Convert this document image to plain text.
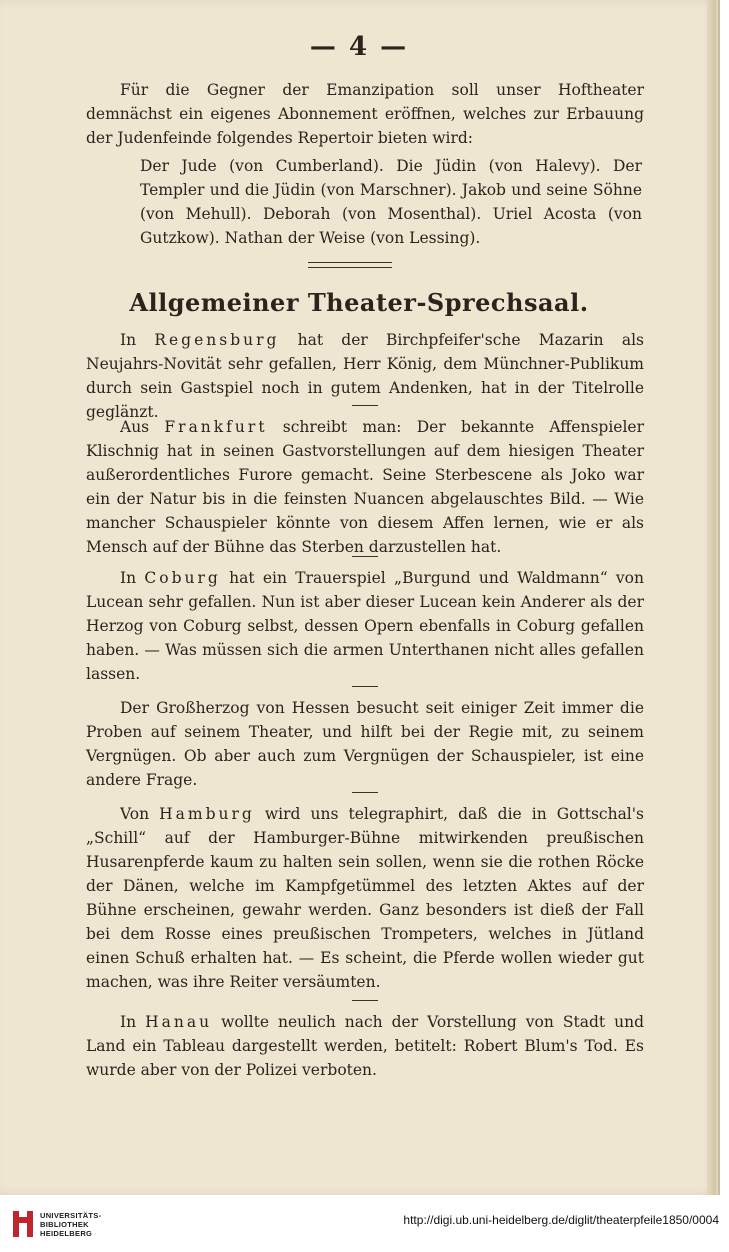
— 4 —
Für die Gegner der Emanzipation soll unser Hoftheater demnächst ein eigenes Abonnement eröffnen, welches zur Erbauung der Judenfeinde folgendes Repertoir bieten wird:
Der Jude (von Cumberland). Die Jüdin (von Halevy). Der Templer und die Jüdin (von Marschner). Jakob und seine Söhne (von Mehull). Deborah (von Mosenthal). Uriel Acosta (von Gutzkow). Nathan der Weise (von Lessing).
Allgemeiner Theater-Sprechsaal.
In Regensburg hat der Birchpfeifer'sche Mazarin als Neujahrs-Novität sehr gefallen, Herr König, dem Münchner-Publikum durch sein Gastspiel noch in gutem Andenken, hat in der Titelrolle geglänzt.
Aus Frankfurt schreibt man: Der bekannte Affenspieler Klischnig hat in seinen Gastvorstellungen auf dem hiesigen Theater außerordentliches Furore gemacht. Seine Sterbescene als Joko war ein der Natur bis in die feinsten Nuancen abgelauschtes Bild. — Wie mancher Schauspieler könnte von diesem Affen lernen, wie er als Mensch auf der Bühne das Sterben darzustellen hat.
In Coburg hat ein Trauerspiel „Burgund und Waldmann“ von Lucean sehr gefallen. Nun ist aber dieser Lucean kein Anderer als der Herzog von Coburg selbst, dessen Opern ebenfalls in Coburg gefallen haben. — Was müssen sich die armen Unterthanen nicht alles gefallen lassen.
Der Großherzog von Hessen besucht seit einiger Zeit immer die Proben auf seinem Theater, und hilft bei der Regie mit, zu seinem Vergnügen. Ob aber auch zum Vergnügen der Schauspieler, ist eine andere Frage.
Von Hamburg wird uns telegraphirt, daß die in Gottschal's „Schill“ auf der Hamburger-Bühne mitwirkenden preußischen Husarenpferde kaum zu halten sein sollen, wenn sie die rothen Röcke der Dänen, welche im Kampfgetümmel des letzten Aktes auf der Bühne erscheinen, gewahr werden. Ganz besonders ist dieß der Fall bei dem Rosse eines preußischen Trompeters, welches in Jütland einen Schuß erhalten hat. — Es scheint, die Pferde wollen wieder gut machen, was ihre Reiter versäumten.
In Hanau wollte neulich nach der Vorstellung von Stadt und Land ein Tableau dargestellt werden, betitelt: Robert Blum's Tod. Es wurde aber von der Polizei verboten.
UNIVERSITÄTS-
BIBLIOTHEK
HEIDELBERG
http://digi.ub.uni-heidelberg.de/diglit/theaterpfeile1850/0004
